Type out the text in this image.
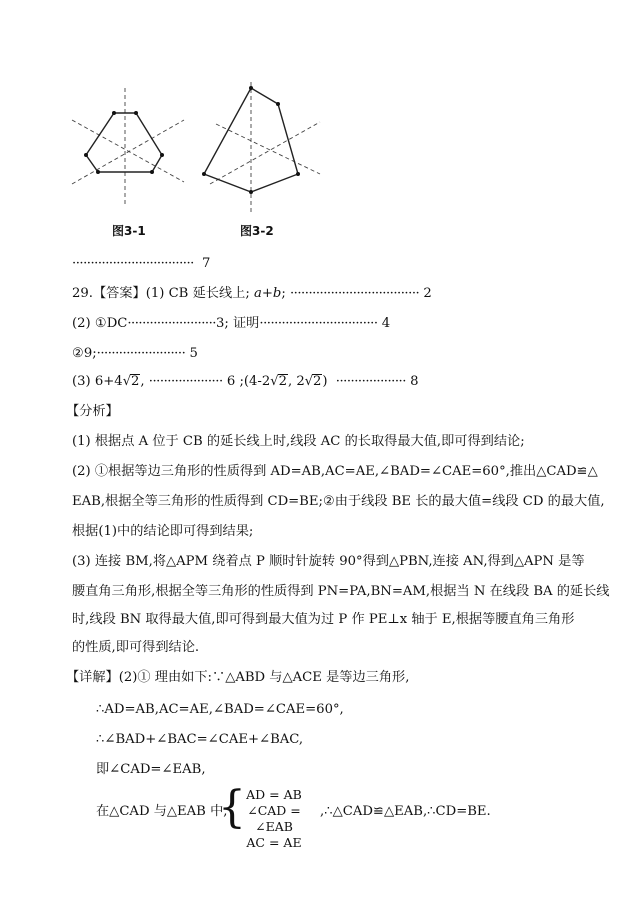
图3-1	图3-2
································· 7
29.【答案】(1) CB 延长线上; a+b; ··································· 2
(2) ①DC························3; 证明································ 4
②9;························ 5
(3) 6+4√2, ···················· 6 ;(4-2√2, 2√2) ··················· 8
【分析】
(1) 根据点 A 位于 CB 的延长线上时,线段 AC 的长取得最大值,即可得到结论;
(2) ①根据等边三角形的性质得到 AD=AB,AC=AE,∠BAD=∠CAE=60°,推出△CAD≌△
EAB,根据全等三角形的性质得到 CD=BE;②由于线段 BE 长的最大值=线段 CD 的最大值,
根据(1)中的结论即可得到结果;
(3) 连接 BM,将△APM 绕着点 P 顺时针旋转 90°得到△PBN,连接 AN,得到△APN 是等
腰直角三角形,根据全等三角形的性质得到 PN=PA,BN=AM,根据当 N 在线段 BA 的延长线
时,线段 BN 取得最大值,即可得到最大值为过 P 作 PE⊥x 轴于 E,根据等腰直角三角形
的性质,即可得到结论.
【详解】(2)① 理由如下:∵△ABD 与△ACE 是等边三角形,
∴AD=AB,AC=AE,∠BAD=∠CAE=60°,
∴∠BAD+∠BAC=∠CAE+∠BAC,
即∠CAD=∠EAB,
在△CAD 与△EAB 中,
{ AD = AB
∠CAD = ∠EAB
AC = AE
,∴△CAD≌△EAB,∴CD=BE.
